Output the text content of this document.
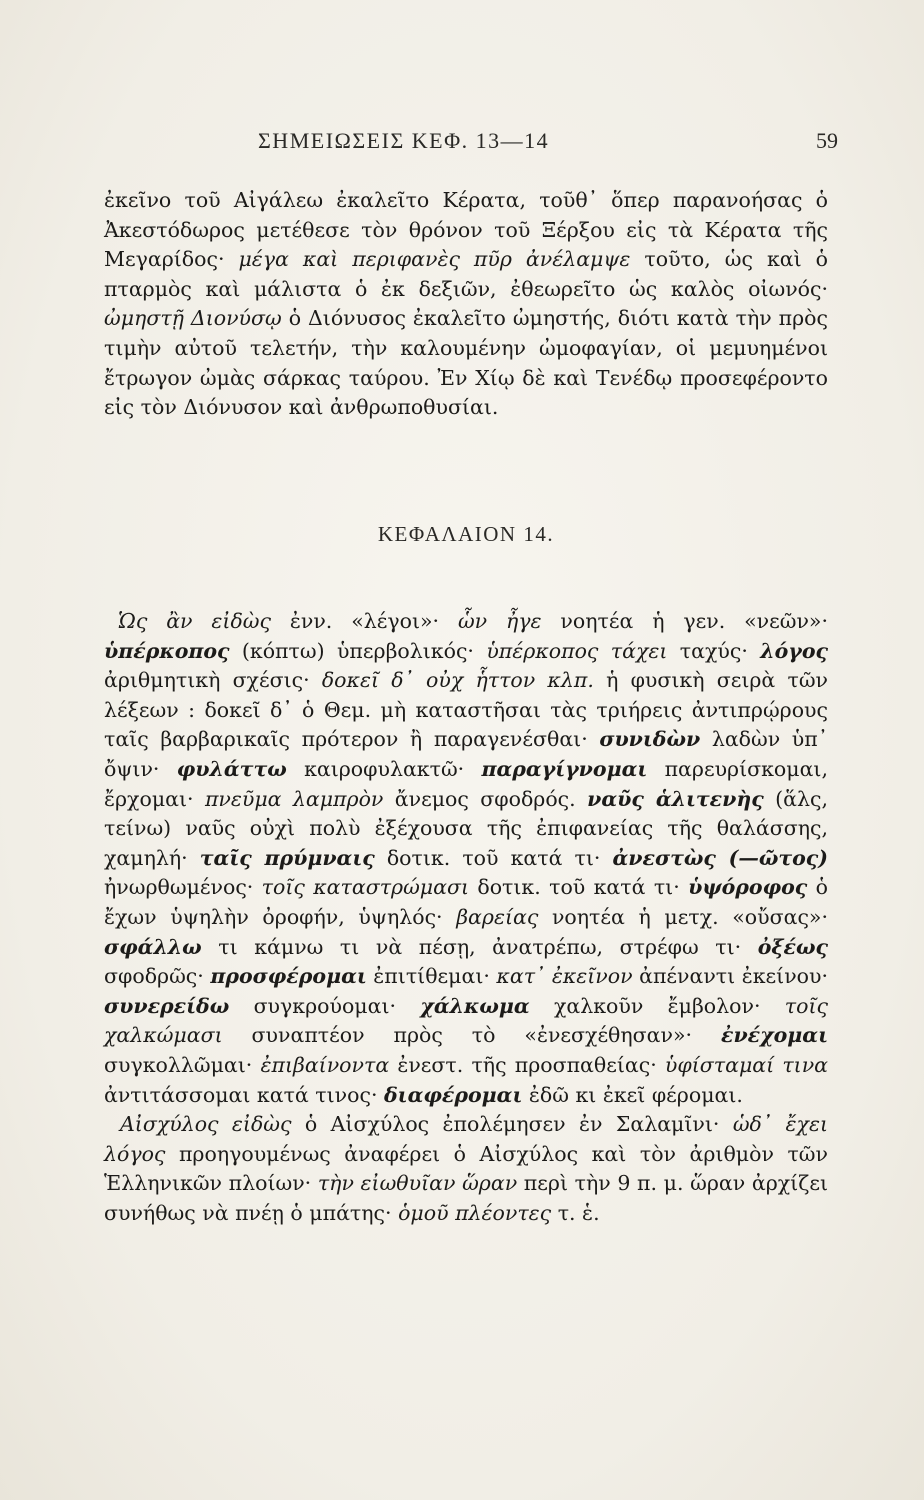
ΣΗΜΕΙΩΣΕΙΣ ΚΕΦ. 13—14	59

ἐκεῖνο τοῦ Αἰγάλεω ἐκαλεῖτο Κέρατα, τοῦθ᾽ ὅπερ παρανοήσας ὁ Ἀκεστόδωρος μετέθεσε τὸν θρόνον τοῦ Ξέρξου εἰς τὰ Κέρατα τῆς Μεγαρίδος· μέγα καὶ περιφανὲς πῦρ ἀνέλαμψε τοῦτο, ὡς καὶ ὁ πταρμὸς καὶ μάλιστα ὁ ἐκ δεξιῶν, ἐθεωρεῖτο ὡς καλὸς οἰωνός· ὠμηστῇ Διονύσῳ ὁ Διόνυσος ἐκαλεῖτο ὠμηστής, διότι κατὰ τὴν πρὸς τιμὴν αὐτοῦ τελετήν, τὴν καλουμένην ὠμοφαγίαν, οἱ μεμυημένοι ἔτρωγον ὠμὰς σάρκας ταύρου. Ἐν Χίῳ δὲ καὶ Τενέδῳ προσεφέροντο εἰς τὸν Διόνυσον καὶ ἀνθρωποθυσίαι.

ΚΕΦΑΛΑΙΟΝ 14.

Ὡς ἂν εἰδὼς ἐνν. «λέγοι»· ὧν ἦγε νοητέα ἡ γεν. «νεῶν»· ὑπέρκοπος (κόπτω) ὑπερβολικός· ὑπέρκοπος τάχει ταχύς· λόγος ἀριθμητικὴ σχέσις· δοκεῖ δ᾽ οὐχ ἧττον κλπ. ἡ φυσικὴ σειρὰ τῶν λέξεων : δοκεῖ δ᾽ ὁ Θεμ. μὴ καταστῆσαι τὰς τριήρεις ἀντιπρῴρους ταῖς βαρβαρικαῖς πρότερον ἢ παραγενέσθαι· συνιδὼν λαδὼν ὑπ᾽ ὄψιν· φυλάττω καιροφυλακτῶ· παραγίγνομαι παρευρίσκομαι, ἔρχομαι· πνεῦμα λαμπρὸν ἄνεμος σφοδρός. ναῦς ἁλιτενὴς (ἅλς, τείνω) ναῦς οὐχὶ πολὺ ἐξέχουσα τῆς ἐπιφανείας τῆς θαλάσσης, χαμηλή· ταῖς πρύμναις δοτικ. τοῦ κατά τι· ἀνεστὼς (—ῶτος) ἠνωρθωμένος· τοῖς καταστρώμασι δοτικ. τοῦ κατά τι· ὑψόροφος ὁ ἔχων ὑψηλὴν ὀροφήν, ὑψηλός· βαρείας νοητέα ἡ μετχ. «οὔσας»· σφάλλω τι κάμνω τι νὰ πέσῃ, ἀνατρέπω, στρέφω τι· ὀξέως σφοδρῶς· προσφέρομαι ἐπιτίθεμαι· κατ᾽ ἐκεῖνον ἀπέναντι ἐκείνου· συνερείδω συγκρούομαι· χάλκωμα χαλκοῦν ἔμβολον· τοῖς χαλκώμασι συναπτέον πρὸς τὸ «ἐνεσχέθησαν»· ἐνέχομαι συγκολλῶμαι· ἐπιβαίνοντα ἐνεστ. τῆς προσπαθείας· ὑφίσταμαί τινα ἀντιτάσσομαι κατά τινος· διαφέρομαι ἐδῶ κι ἐκεῖ φέρομαι.

Αἰσχύλος εἰδὼς ὁ Αἰσχύλος ἐπολέμησεν ἐν Σαλαμῖνι· ὡδ᾽ ἔχει λόγος προηγουμένως ἀναφέρει ὁ Αἰσχύλος καὶ τὸν ἀριθμὸν τῶν Ἑλληνικῶν πλοίων· τὴν εἰωθυῖαν ὥραν περὶ τὴν 9 π. μ. ὥραν ἀρχίζει συνήθως νὰ πνέῃ ὁ μπάτης· ὁμοῦ πλέοντες τ. ἑ.
